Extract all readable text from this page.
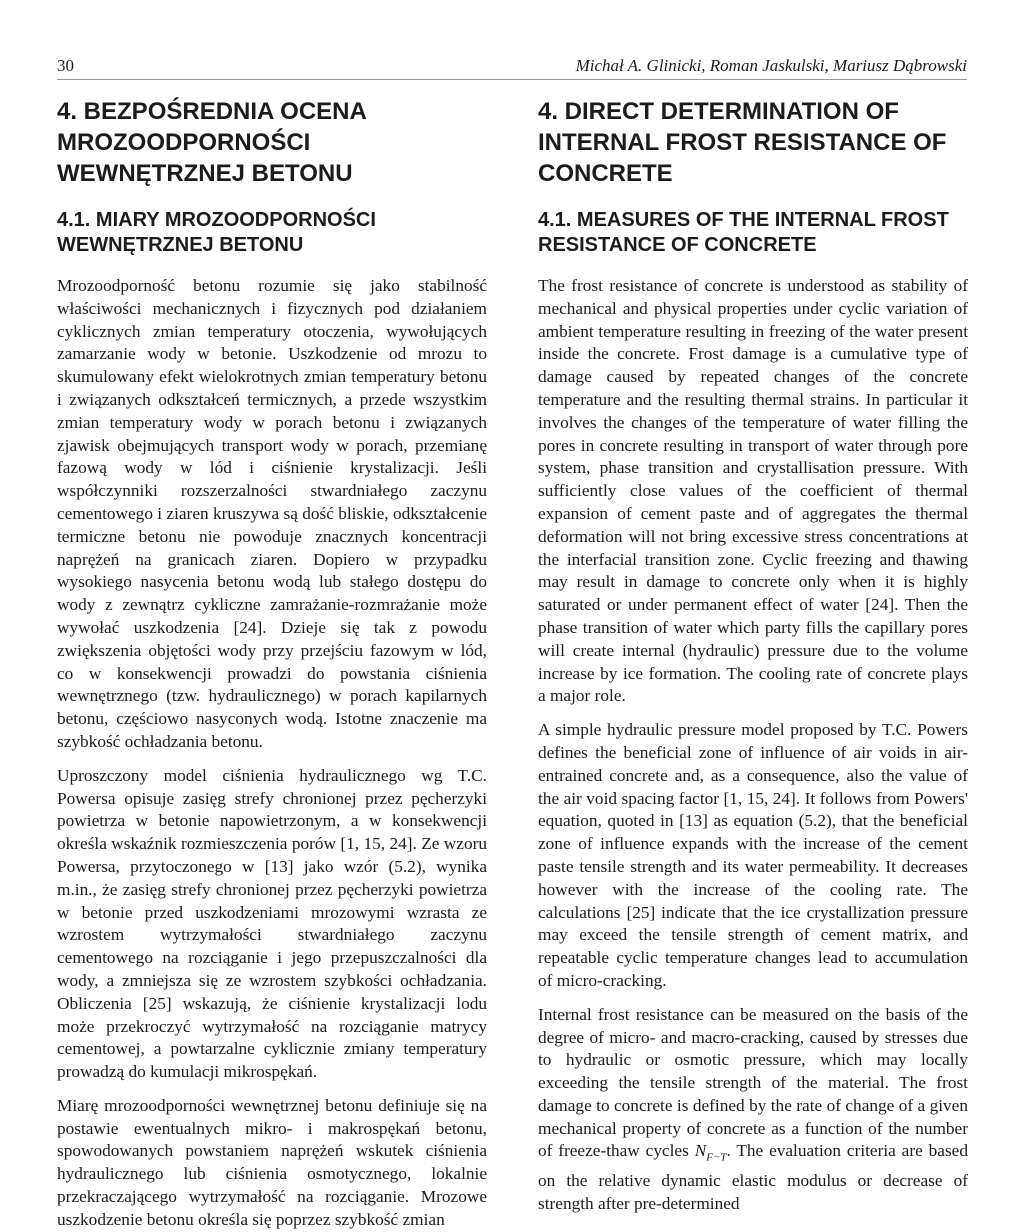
30	Michał A. Glinicki, Roman Jaskulski, Mariusz Dąbrowski
4. BEZPOŚREDNIA OCENA MROZOODPORNOŚCI WEWNĘTRZNEJ BETONU
4.1. MIARY MROZOODPORNOŚCI WEWNĘTRZNEJ BETONU

Mrozoodporność betonu rozumie się jako stabilność właściwości mechanicznych i fizycznych pod działaniem cyklicznych zmian temperatury otoczenia, wywołujących zamarzanie wody w betonie. Uszkodzenie od mrozu to skumulowany efekt wielokrotnych zmian temperatury betonu i związanych odkształceń termicznych, a przede wszystkim zmian temperatury wody w porach betonu i związanych zjawisk obejmujących transport wody w porach, przemianę fazową wody w lód i ciśnienie krystalizacji. Jeśli współczynniki rozszerzalności stwardniałego zaczynu cementowego i ziaren kruszywa są dość bliskie, odkształcenie termiczne betonu nie powoduje znacznych koncentracji naprężeń na granicach ziaren. Dopiero w przypadku wysokiego nasycenia betonu wodą lub stałego dostępu do wody z zewnątrz cykliczne zamrażanie-rozmrażanie może wywołać uszkodzenia [24]. Dzieje się tak z powodu zwiększenia objętości wody przy przejściu fazowym w lód, co w konsekwencji prowadzi do powstania ciśnienia wewnętrznego (tzw. hydraulicznego) w porach kapilarnych betonu, częściowo nasyconych wodą. Istotne znaczenie ma szybkość ochładzania betonu.

Uproszczony model ciśnienia hydraulicznego wg T.C. Powersa opisuje zasięg strefy chronionej przez pęcherzyki powietrza w betonie napowietrzonym, a w konsekwencji określa wskaźnik rozmieszczenia porów [1, 15, 24]. Ze wzoru Powersa, przytoczonego w [13] jako wzór (5.2), wynika m.in., że zasięg strefy chronionej przez pęcherzyki powietrza w betonie przed uszkodzeniami mrozowymi wzrasta ze wzrostem wytrzymałości stwardniałego zaczynu cementowego na rozciąganie i jego przepuszczalności dla wody, a zmniejsza się ze wzrostem szybkości ochładzania. Obliczenia [25] wskazują, że ciśnienie krystalizacji lodu może przekroczyć wytrzymałość na rozciąganie matrycy cementowej, a powtarzalne cyklicznie zmiany temperatury prowadzą do kumulacji mikrospękań.

Miarę mrozoodporności wewnętrznej betonu definiuje się na postawie ewentualnych mikro- i makrospękań betonu, spowodowanych powstaniem naprężeń wskutek ciśnienia hydraulicznego lub ciśnienia osmotycznego, lokalnie przekraczającego wytrzymałość na rozciąganie. Mrozowe uszkodzenie betonu określa się poprzez szybkość zmian

4. DIRECT DETERMINATION OF INTERNAL FROST RESISTANCE OF CONCRETE
4.1. MEASURES OF THE INTERNAL FROST RESISTANCE OF CONCRETE

The frost resistance of concrete is understood as stability of mechanical and physical properties under cyclic variation of ambient temperature resulting in freezing of the water present inside the concrete. Frost damage is a cumulative type of damage caused by repeated changes of the concrete temperature and the resulting thermal strains. In particular it involves the changes of the temperature of water filling the pores in concrete resulting in transport of water through pore system, phase transition and crystallisation pressure. With sufficiently close values of the coefficient of thermal expansion of cement paste and of aggregates the thermal deformation will not bring excessive stress concentrations at the interfacial transition zone. Cyclic freezing and thawing may result in damage to concrete only when it is highly saturated or under permanent effect of water [24]. Then the phase transition of water which party fills the capillary pores will create internal (hydraulic) pressure due to the volume increase by ice formation. The cooling rate of concrete plays a major role.

A simple hydraulic pressure model proposed by T.C. Powers defines the beneficial zone of influence of air voids in air-entrained concrete and, as a consequence, also the value of the air void spacing factor [1, 15, 24]. It follows from Powers' equation, quoted in [13] as equation (5.2), that the beneficial zone of influence expands with the increase of the cement paste tensile strength and its water permeability. It decreases however with the increase of the cooling rate. The calculations [25] indicate that the ice crystallization pressure may exceed the tensile strength of cement matrix, and repeatable cyclic temperature changes lead to accumulation of micro-cracking.

Internal frost resistance can be measured on the basis of the degree of micro- and macro-cracking, caused by stresses due to hydraulic or osmotic pressure, which may locally exceeding the tensile strength of the material. The frost damage to concrete is defined by the rate of change of a given mechanical property of concrete as a function of the number of freeze-thaw cycles $N_{F-T}$. The evaluation criteria are based on the relative dynamic elastic modulus or decrease of strength after pre-determined
